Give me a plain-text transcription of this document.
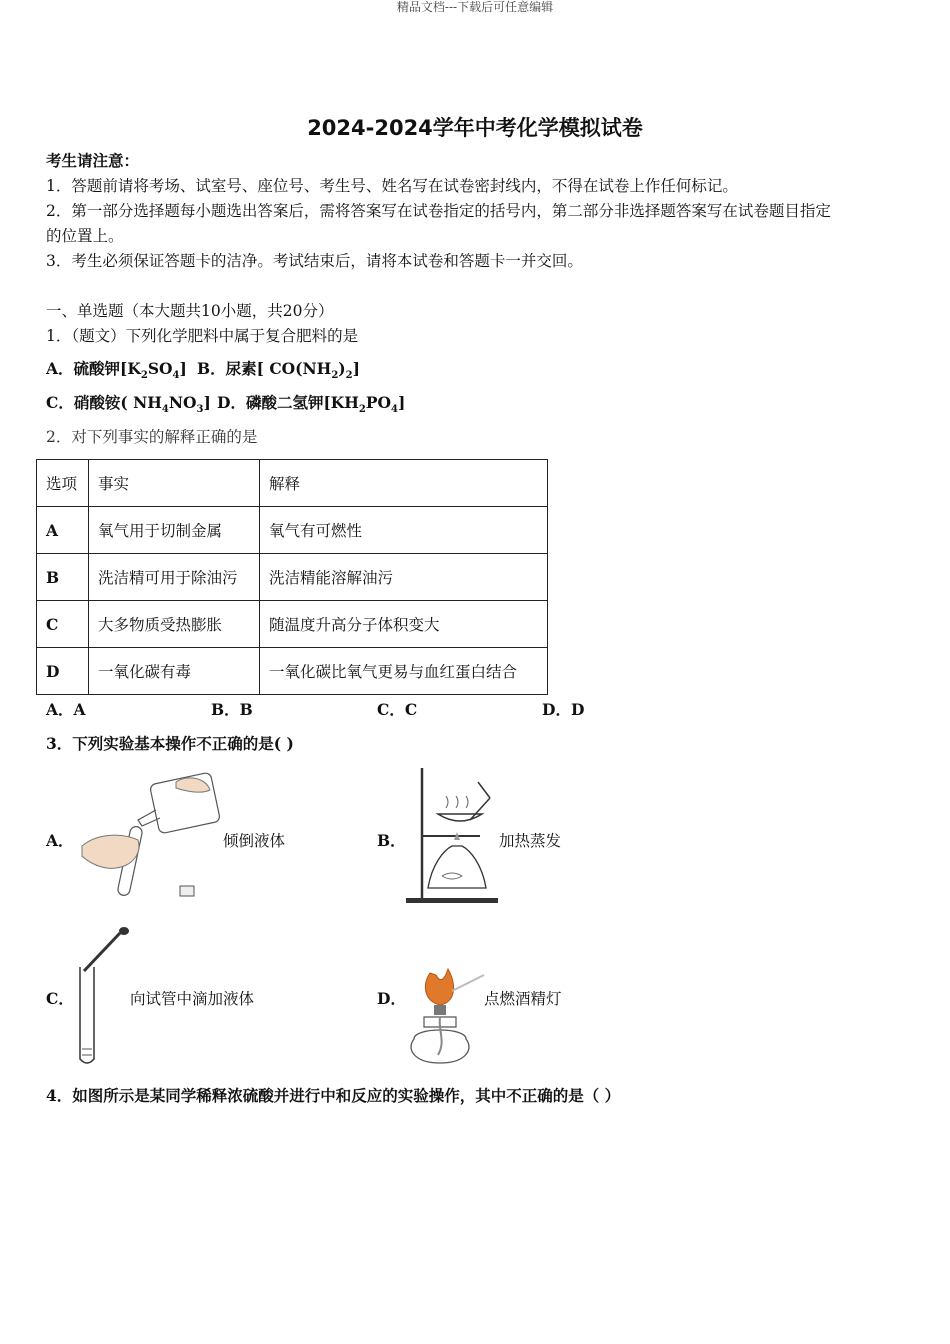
精品文档---下载后可任意编辑
2024-2024学年中考化学模拟试卷
考生请注意：
1．答题前请将考场、试室号、座位号、考生号、姓名写在试卷密封线内，不得在试卷上作任何标记。
2．第一部分选择题每小题选出答案后，需将答案写在试卷指定的括号内，第二部分非选择题答案写在试卷题目指定
的位置上。
3．考生必须保证答题卡的洁净。考试结束后，请将本试卷和答题卡一并交回。
一、单选题（本大题共10小题，共20分）
1．（题文）下列化学肥料中属于复合肥料的是
A．硫酸钾$[K_2SO_4]$ B．尿素[ $CO(NH_2)_2$]
C．硝酸铵( $NH_4NO_3$] D．磷酸二氢钾$[KH_2PO_4]$
2．对下列事实的解释正确的是
选项	事实	解释
A	氧气用于切制金属	氧气有可燃性
B	洗洁精可用于除油污	洗洁精能溶解油污
C	大多物质受热膨胀	随温度升高分子体积变大
D	一氧化碳有毒	一氧化碳比氧气更易与血红蛋白结合
A．A	B．B	C．C	D．D
3．下列实验基本操作不正确的是( )
A．	倾倒液体	B．	加热蒸发
C．	向试管中滴加液体	D．	点燃酒精灯
4．如图所示是某同学稀释浓硫酸并进行中和反应的实验操作，其中不正确的是（ ）
